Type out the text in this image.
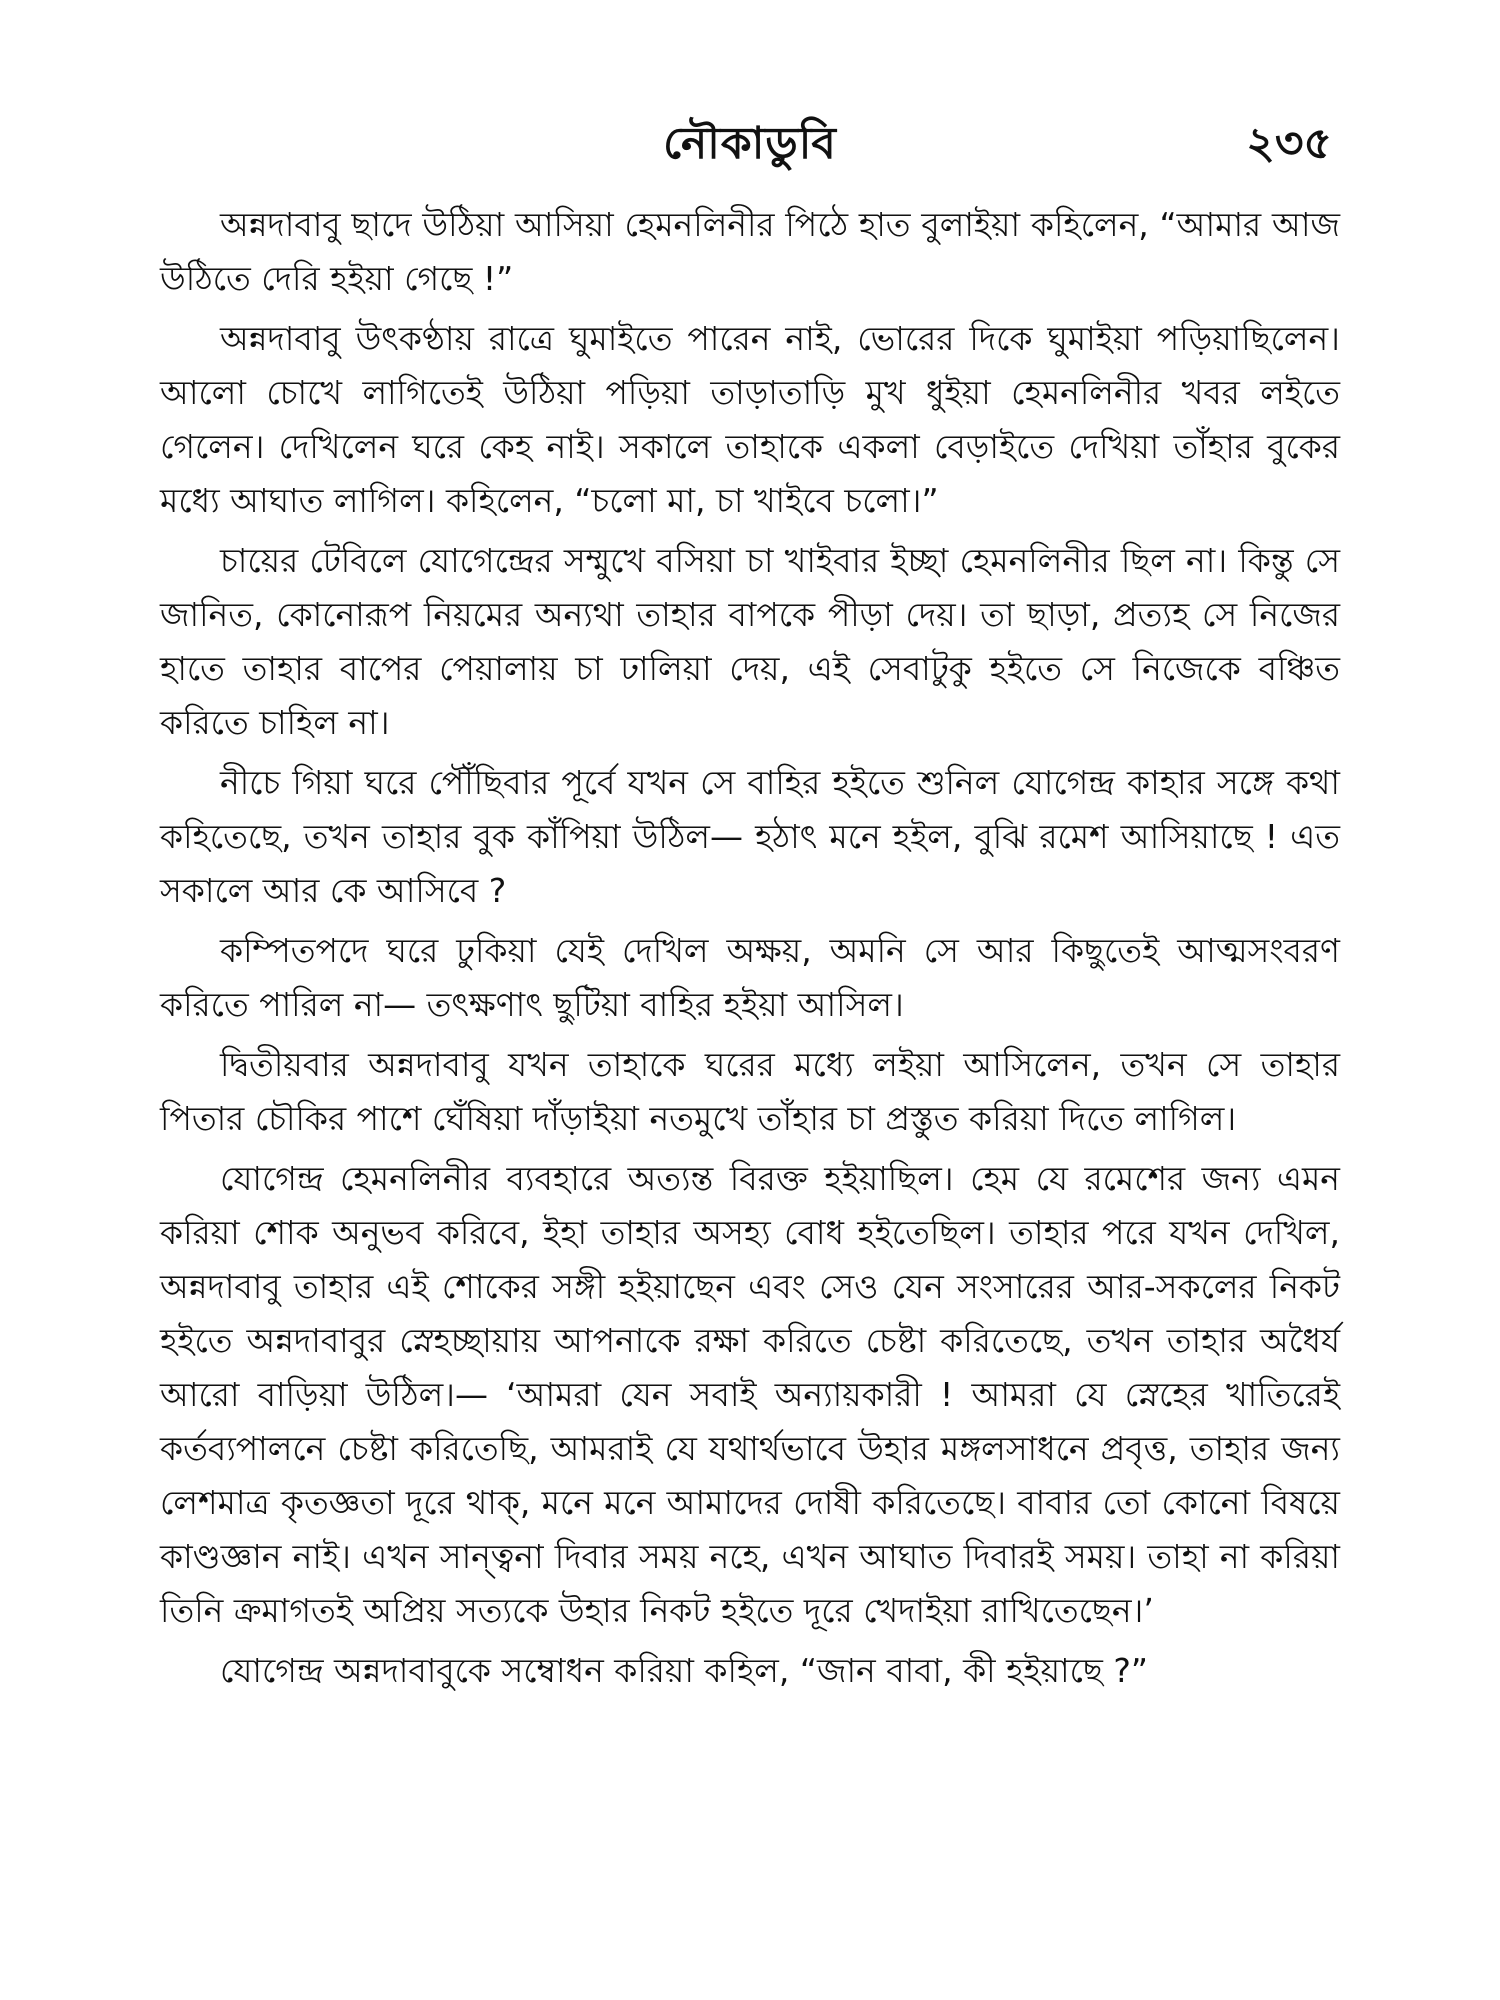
নৌকাডুবি	২৩৫

অন্নদাবাবু ছাদে উঠিয়া আসিয়া হেমনলিনীর পিঠে হাত বুলাইয়া কহিলেন, “আমার আজ উঠিতে দেরি হইয়া গেছে !”

অন্নদাবাবু উৎকণ্ঠায় রাত্রে ঘুমাইতে পারেন নাই, ভোরের দিকে ঘুমাইয়া পড়িয়াছিলেন। আলো চোখে লাগিতেই উঠিয়া পড়িয়া তাড়াতাড়ি মুখ ধুইয়া হেমনলিনীর খবর লইতে গেলেন। দেখিলেন ঘরে কেহ নাই। সকালে তাহাকে একলা বেড়াইতে দেখিয়া তাঁহার বুকের মধ্যে আঘাত লাগিল। কহিলেন, “চলো মা, চা খাইবে চলো।”

চায়ের টেবিলে যোগেন্দ্রের সম্মুখে বসিয়া চা খাইবার ইচ্ছা হেমনলিনীর ছিল না। কিন্তু সে জানিত, কোনোরূপ নিয়মের অন্যথা তাহার বাপকে পীড়া দেয়। তা ছাড়া, প্রত্যহ সে নিজের হাতে তাহার বাপের পেয়ালায় চা ঢালিয়া দেয়, এই সেবাটুকু হইতে সে নিজেকে বঞ্চিত করিতে চাহিল না।

নীচে গিয়া ঘরে পৌঁছিবার পূর্বে যখন সে বাহির হইতে শুনিল যোগেন্দ্র কাহার সঙ্গে কথা কহিতেছে, তখন তাহার বুক কাঁপিয়া উঠিল— হঠাৎ মনে হইল, বুঝি রমেশ আসিয়াছে ! এত সকালে আর কে আসিবে ?

কম্পিতপদে ঘরে ঢুকিয়া যেই দেখিল অক্ষয়, অমনি সে আর কিছুতেই আত্মসংবরণ করিতে পারিল না— তৎক্ষণাৎ ছুটিয়া বাহির হইয়া আসিল।

দ্বিতীয়বার অন্নদাবাবু যখন তাহাকে ঘরের মধ্যে লইয়া আসিলেন, তখন সে তাহার পিতার চৌকির পাশে ঘেঁষিয়া দাঁড়াইয়া নতমুখে তাঁহার চা প্রস্তুত করিয়া দিতে লাগিল।

যোগেন্দ্র হেমনলিনীর ব্যবহারে অত্যন্ত বিরক্ত হইয়াছিল। হেম যে রমেশের জন্য এমন করিয়া শোক অনুভব করিবে, ইহা তাহার অসহ্য বোধ হইতেছিল। তাহার পরে যখন দেখিল, অন্নদাবাবু তাহার এই শোকের সঙ্গী হইয়াছেন এবং সেও যেন সংসারের আর-সকলের নিকট হইতে অন্নদাবাবুর স্নেহচ্ছায়ায় আপনাকে রক্ষা করিতে চেষ্টা করিতেছে, তখন তাহার অধৈর্য আরো বাড়িয়া উঠিল।— ‘আমরা যেন সবাই অন্যায়কারী ! আমরা যে স্নেহের খাতিরেই কর্তব্যপালনে চেষ্টা করিতেছি, আমরাই যে যথার্থভাবে উহার মঙ্গলসাধনে প্রবৃত্ত, তাহার জন্য লেশমাত্র কৃতজ্ঞতা দূরে থাক্‌, মনে মনে আমাদের দোষী করিতেছে। বাবার তো কোনো বিষয়ে কাণ্ডজ্ঞান নাই। এখন সান্ত্বনা দিবার সময় নহে, এখন আঘাত দিবারই সময়। তাহা না করিয়া তিনি ক্রমাগতই অপ্রিয় সত্যকে উহার নিকট হইতে দূরে খেদাইয়া রাখিতেছেন।’

যোগেন্দ্র অন্নদাবাবুকে সম্বোধন করিয়া কহিল, “জান বাবা, কী হইয়াছে ?”
